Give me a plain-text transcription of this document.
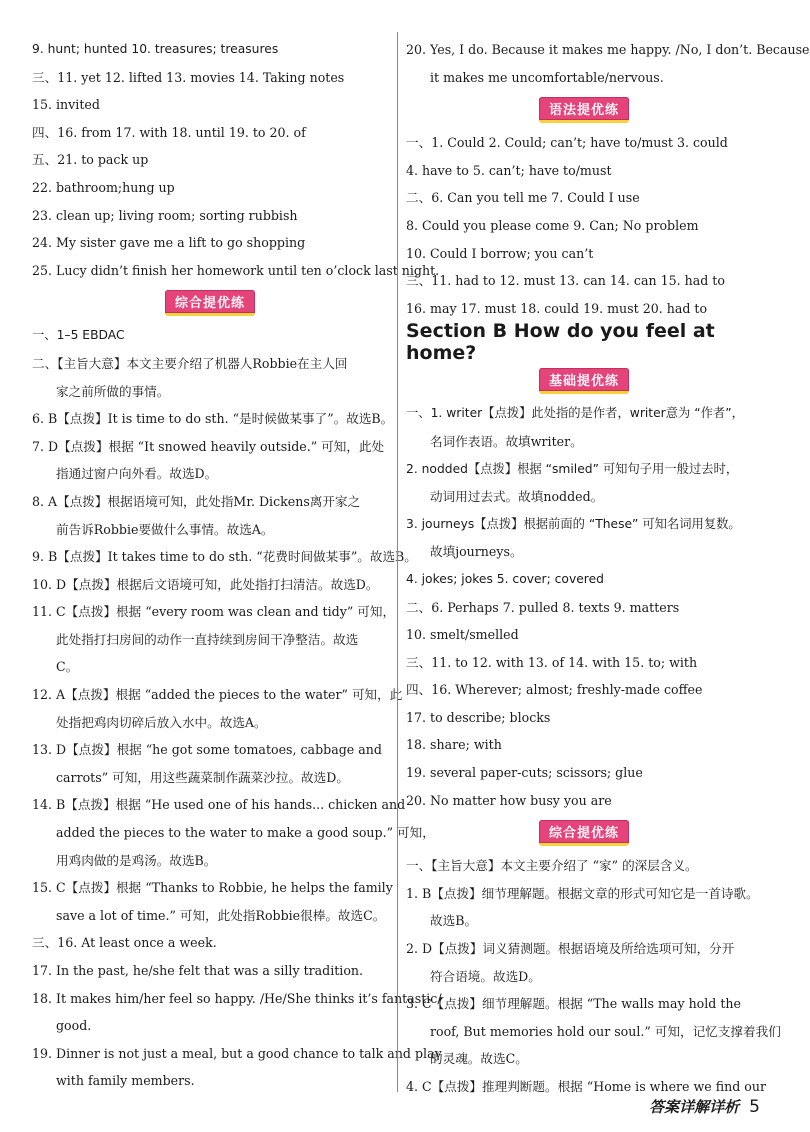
9. hunt; hunted 10. treasures; treasures
三、11. yet 12. lifted 13. movies 14. Taking notes
15. invited
四、16. from 17. with 18. until 19. to 20. of
五、21. to pack up
22. bathroom;hung up
23. clean up; living room; sorting rubbish
24. My sister gave me a lift to go shopping
25. Lucy didn’t finish her homework until ten o’clock last night.
综合提优练
一、1–5 EBDAC
二、【主旨大意】本文主要介绍了机器人Robbie在主人回
家之前所做的事情。
6. B【点拨】It is time to do sth. “是时候做某事了”。故选B。
7. D【点拨】根据 “It snowed heavily outside.” 可知，此处
指通过窗户向外看。故选D。
8. A【点拨】根据语境可知，此处指Mr. Dickens离开家之
前告诉Robbie要做什么事情。故选A。
9. B【点拨】It takes time to do sth. “花费时间做某事”。故选B。
10. D【点拨】根据后文语境可知，此处指打扫清洁。故选D。
11. C【点拨】根据 “every room was clean and tidy” 可知，
此处指打扫房间的动作一直持续到房间干净整洁。故选
C。
12. A【点拨】根据 “added the pieces to the water” 可知，此
处指把鸡肉切碎后放入水中。故选A。
13. D【点拨】根据 “he got some tomatoes, cabbage and
carrots” 可知，用这些蔬菜制作蔬菜沙拉。故选D。
14. B【点拨】根据 “He used one of his hands... chicken and
added the pieces to the water to make a good soup.” 可知，
用鸡肉做的是鸡汤。故选B。
15. C【点拨】根据 “Thanks to Robbie, he helps the family
save a lot of time.” 可知，此处指Robbie很棒。故选C。
三、16. At least once a week.
17. In the past, he/she felt that was a silly tradition.
18. It makes him/her feel so happy. /He/She thinks it’s fantastic/
good.
19. Dinner is not just a meal, but a good chance to talk and play
with family members.
20. Yes, I do. Because it makes me happy. /No, I don’t. Because
it makes me uncomfortable/nervous.
语法提优练
一、1. Could 2. Could; can’t; have to/must 3. could
4. have to 5. can’t; have to/must
二、6. Can you tell me 7. Could I use
8. Could you please come 9. Can; No problem
10. Could I borrow; you can’t
三、11. had to 12. must 13. can 14. can 15. had to
16. may 17. must 18. could 19. must 20. had to
Section B How do you feel at home?
基础提优练
一、1. writer【点拨】此处指的是作者，writer意为 “作者”，
名词作表语。故填writer。
2. nodded【点拨】根据 “smiled” 可知句子用一般过去时，
动词用过去式。故填nodded。
3. journeys【点拨】根据前面的 “These” 可知名词用复数。
故填journeys。
4. jokes; jokes 5. cover; covered
二、6. Perhaps 7. pulled 8. texts 9. matters
10. smelt/smelled
三、11. to 12. with 13. of 14. with 15. to; with
四、16. Wherever; almost; freshly-made coffee
17. to describe; blocks
18. share; with
19. several paper-cuts; scissors; glue
20. No matter how busy you are
综合提优练
一、【主旨大意】本文主要介绍了 “家” 的深层含义。
1. B【点拨】细节理解题。根据文章的形式可知它是一首诗歌。
故选B。
2. D【点拨】词义猜测题。根据语境及所给选项可知，分开
符合语境。故选D。
3. C【点拨】细节理解题。根据 “The walls may hold the
roof, But memories hold our soul.” 可知，记忆支撑着我们
的灵魂。故选C。
4. C【点拨】推理判断题。根据 “Home is where we find our
答案详解详析 5
